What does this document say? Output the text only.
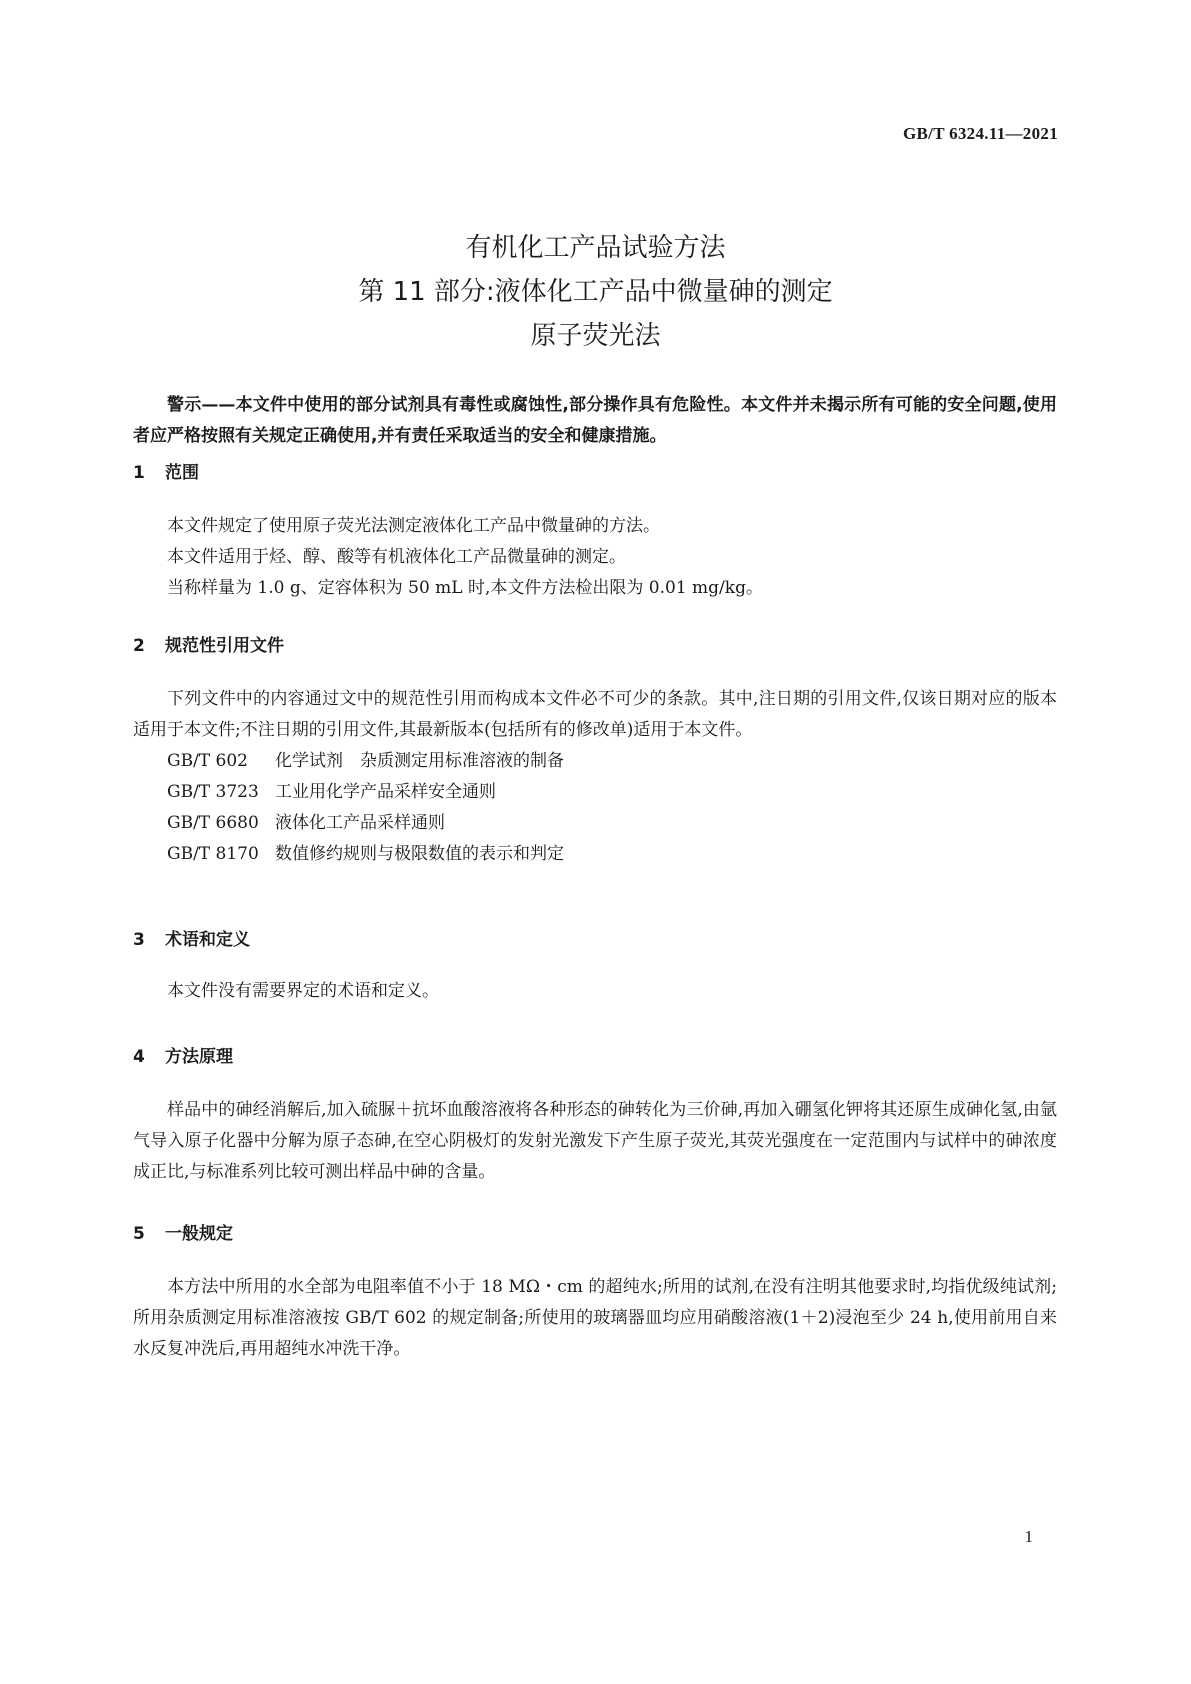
GB/T 6324.11—2021
有机化工产品试验方法
第 11 部分:液体化工产品中微量砷的测定
原子荧光法

警示——本文件中使用的部分试剂具有毒性或腐蚀性,部分操作具有危险性。本文件并未揭示所有可能的安全问题,使用者应严格按照有关规定正确使用,并有责任采取适当的安全和健康措施。

1 范围

本文件规定了使用原子荧光法测定液体化工产品中微量砷的方法。

本文件适用于烃、醇、酸等有机液体化工产品微量砷的测定。

当称样量为 1.0 g、定容体积为 50 mL 时,本文件方法检出限为 0.01 mg/kg。

2 规范性引用文件

下列文件中的内容通过文中的规范性引用而构成本文件必不可少的条款。其中,注日期的引用文件,仅该日期对应的版本适用于本文件;不注日期的引用文件,其最新版本(包括所有的修改单)适用于本文件。

GB/T 602 化学试剂　杂质测定用标准溶液的制备

GB/T 3723 工业用化学产品采样安全通则

GB/T 6680 液体化工产品采样通则

GB/T 8170 数值修约规则与极限数值的表示和判定

3 术语和定义

本文件没有需要界定的术语和定义。

4 方法原理

样品中的砷经消解后,加入硫脲＋抗坏血酸溶液将各种形态的砷转化为三价砷,再加入硼氢化钾将其还原生成砷化氢,由氩气导入原子化器中分解为原子态砷,在空心阴极灯的发射光激发下产生原子荧光,其荧光强度在一定范围内与试样中的砷浓度成正比,与标准系列比较可测出样品中砷的含量。

5 一般规定

本方法中所用的水全部为电阻率值不小于 18 MΩ・cm 的超纯水;所用的试剂,在没有注明其他要求时,均指优级纯试剂;所用杂质测定用标准溶液按 GB/T 602 的规定制备;所使用的玻璃器皿均应用硝酸溶液(1＋2)浸泡至少 24 h,使用前用自来水反复冲洗后,再用超纯水冲洗干净。

1
